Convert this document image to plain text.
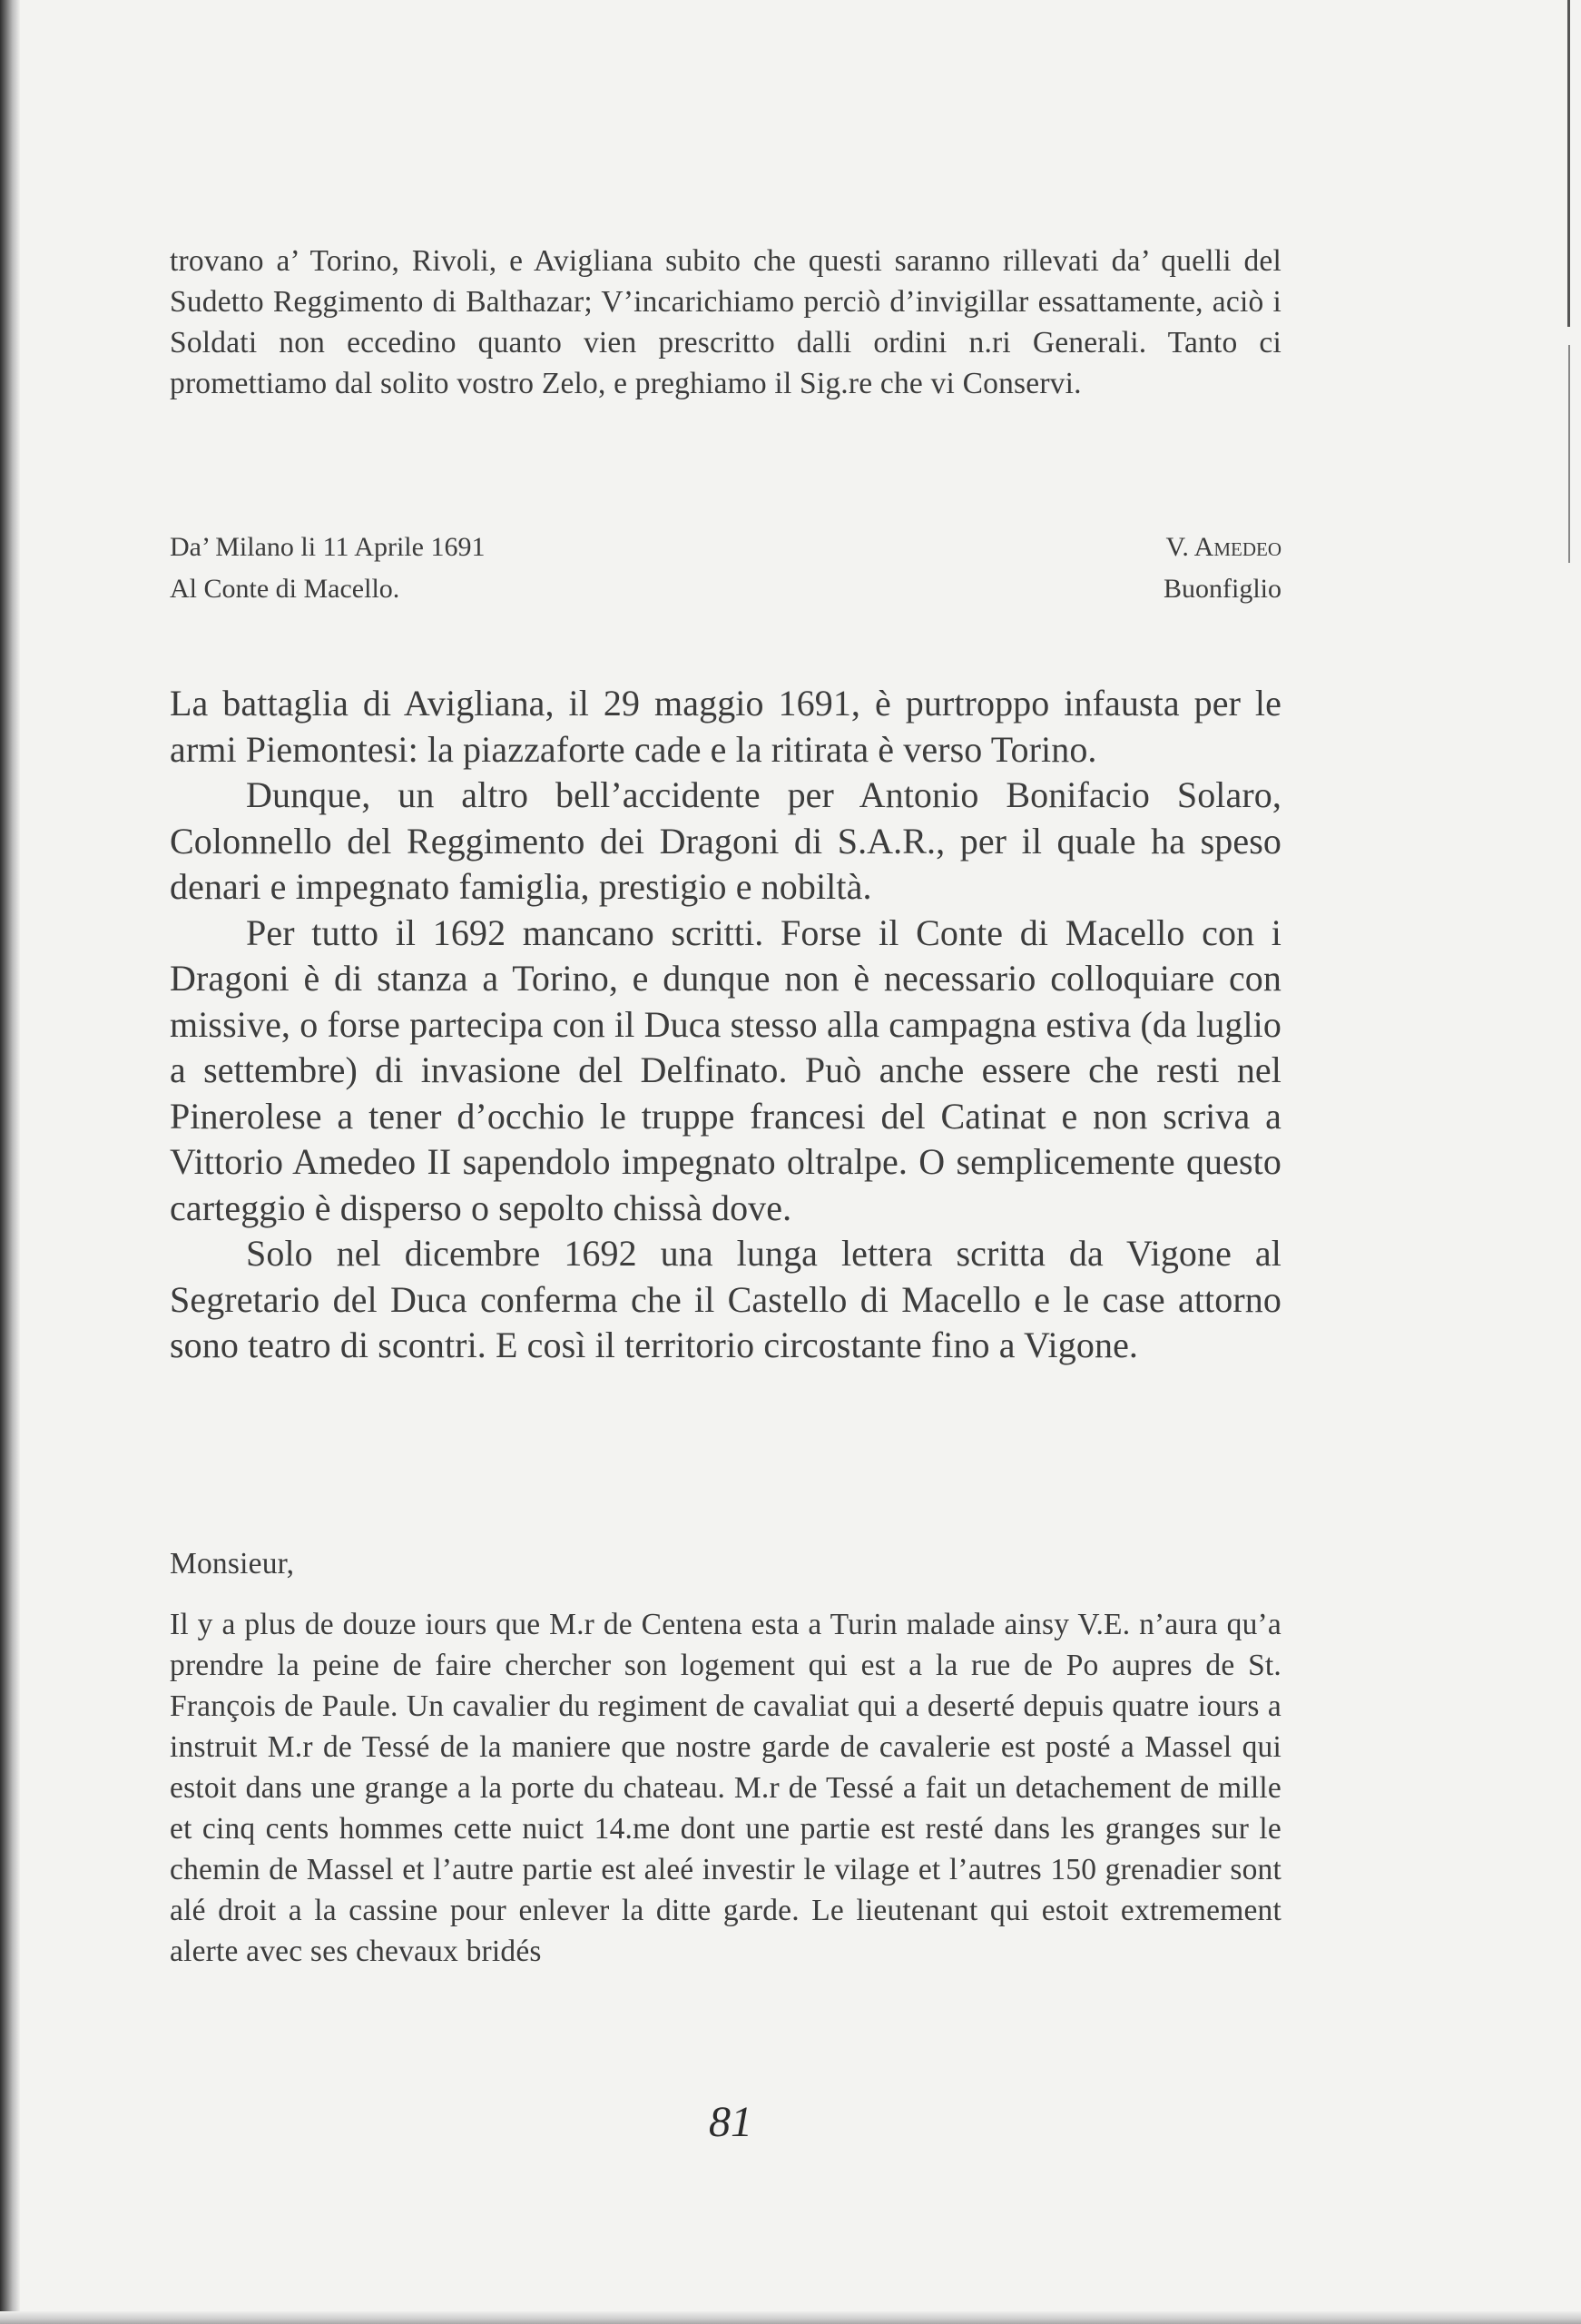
trovano a’ Torino, Rivoli, e Avigliana subito che questi saranno rillevati da’ quelli del Sudetto Reggimento di Balthazar; V’incarichiamo perciò d’invigillar essattamente, aciò i Soldati non eccedino quanto vien prescritto dalli ordini n.ri Generali. Tanto ci promettiamo dal solito vostro Zelo, e preghiamo il Sig.re che vi Conservi.

Da’ Milano li 11 Aprile 1691	V. Amedeo
Al Conte di Macello.	Buonfiglio

La battaglia di Avigliana, il 29 maggio 1691, è purtroppo infausta per le armi Piemontesi: la piazzaforte cade e la ritirata è verso Torino.

Dunque, un altro bell’accidente per Antonio Bonifacio Solaro, Colonnello del Reggimento dei Dragoni di S.A.R., per il quale ha speso denari e impegnato famiglia, prestigio e nobiltà.

Per tutto il 1692 mancano scritti. Forse il Conte di Macello con i Dragoni è di stanza a Torino, e dunque non è necessario colloquiare con missive, o forse partecipa con il Duca stesso alla campagna estiva (da luglio a settembre) di invasione del Delfinato. Può anche essere che resti nel Pinerolese a tener d’occhio le truppe francesi del Catinat e non scriva a Vittorio Amedeo II sapendolo impegnato oltralpe. O semplicemente questo carteggio è disperso o sepolto chissà dove.

Solo nel dicembre 1692 una lunga lettera scritta da Vigone al Segretario del Duca conferma che il Castello di Macello e le case attorno sono teatro di scontri. E così il territorio circostante fino a Vigone.

Monsieur,

Il y a plus de douze iours que M.r de Centena esta a Turin malade ainsy V.E. n’aura qu’a prendre la peine de faire chercher son logement qui est a la rue de Po aupres de St. François de Paule. Un cavalier du regiment de cavaliat qui a deserté depuis quatre iours a instruit M.r de Tessé de la maniere que nostre garde de cavalerie est posté a Massel qui estoit dans une grange a la porte du chateau. M.r de Tessé a fait un detachement de mille et cinq cents hommes cette nuict 14.me dont une partie est resté dans les granges sur le chemin de Massel et l’autre partie est aleé investir le vilage et l’autres 150 grenadier sont alé droit a la cassine pour enlever la ditte garde. Le lieutenant qui estoit extremement alerte avec ses chevaux bridés

81
